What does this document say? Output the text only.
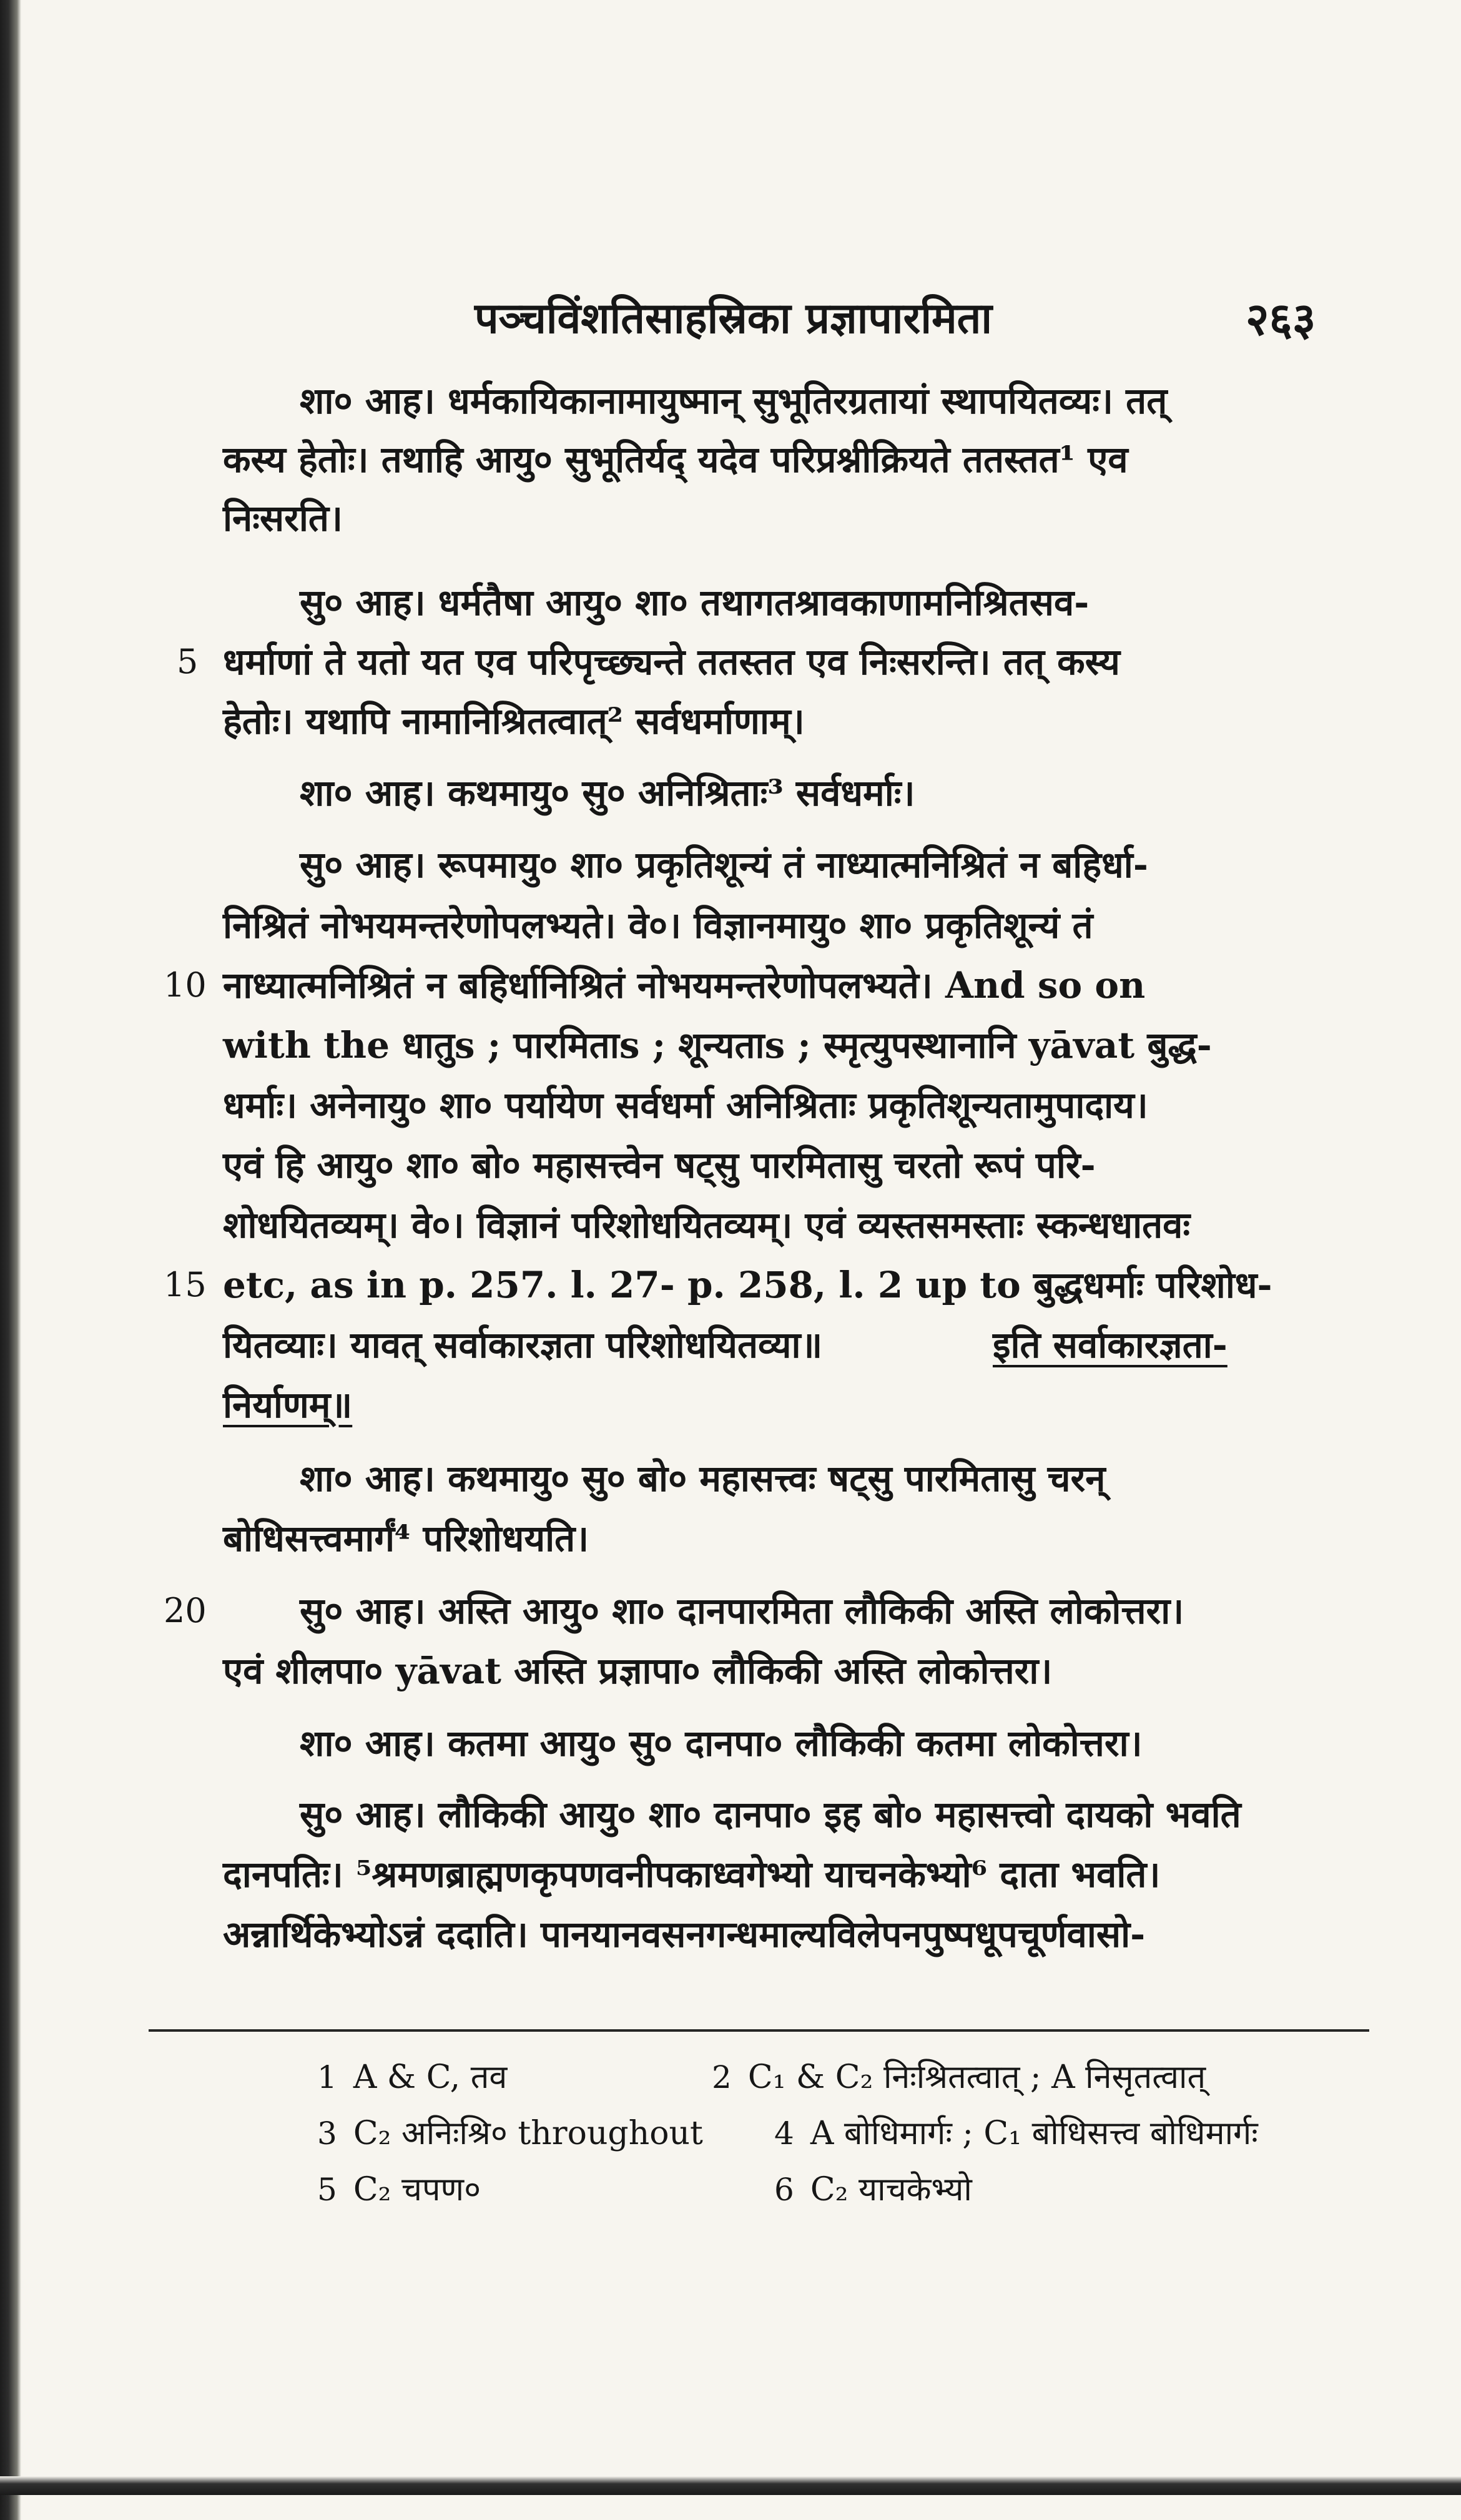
पञ्चविंशतिसाहस्रिका प्रज्ञापारमिता	२६३
शा० आह। धर्मकायिकानामायुष्मान् सुभूतिरग्रतायां स्थापयितव्यः। तत्
कस्य हेतोः। तथाहि आयु० सुभूतिर्यद् यदेव परिप्रश्नीक्रियते ततस्तत¹ एव
निःसरति।
सु० आह। धर्मतैषा आयु० शा० तथागतश्रावकाणामनिश्रितसव-
5 धर्माणां ते यतो यत एव परिपृच्छ्यन्ते ततस्तत एव निःसरन्ति। तत् कस्य
हेतोः। यथापि नामानिश्रितत्वात्² सर्वधर्माणाम्।
शा० आह। कथमायु० सु० अनिश्रिताः³ सर्वधर्माः।
सु० आह। रूपमायु० शा० प्रकृतिशून्यं तं नाध्यात्मनिश्रितं न बहिर्धा-
निश्रितं नोभयमन्तरेणोपलभ्यते। वे०। विज्ञानमायु० शा० प्रकृतिशून्यं तं
10 नाध्यात्मनिश्रितं न बहिर्धानिश्रितं नोभयमन्तरेणोपलभ्यते। And so on
with the धातुs ; पारमिताs ; शून्यताs ; स्मृत्युपस्थानानि yāvat बुद्ध-
धर्माः। अनेनायु० शा० पर्यायेण सर्वधर्मा अनिश्रिताः प्रकृतिशून्यतामुपादाय।
एवं हि आयु० शा० बो० महासत्त्वेन षट्सु पारमितासु चरतो रूपं परि-
शोधयितव्यम्। वे०। विज्ञानं परिशोधयितव्यम्। एवं व्यस्तसमस्ताः स्कन्धधातवः
15 etc, as in p. 257. l. 27- p. 258, l. 2 up to बुद्धधर्माः परिशोध-
यितव्याः। यावत् सर्वाकारज्ञता परिशोधयितव्या॥	इति सर्वाकारज्ञता-
निर्याणम्॥
शा० आह। कथमायु० सु० बो० महासत्त्वः षट्सु पारमितासु चरन्
बोधिसत्त्वमार्गं⁴ परिशोधयति।
20	सु० आह। अस्ति आयु० शा० दानपारमिता लौकिकी अस्ति लोकोत्तरा।
एवं शीलपा० yāvat अस्ति प्रज्ञापा० लौकिकी अस्ति लोकोत्तरा।
शा० आह। कतमा आयु० सु० दानपा० लौकिकी कतमा लोकोत्तरा।
सु० आह। लौकिकी आयु० शा० दानपा० इह बो० महासत्त्वो दायको भवति
दानपतिः। ⁵श्रमणब्राह्मणकृपणवनीपकाध्वगेभ्यो याचनकेभ्यो⁶ दाता भवति।
अन्नार्थिकेभ्योऽन्नं ददाति। पानयानवसनगन्धमाल्यविलेपनपुष्पधूपचूर्णवासो-
1 A & C, तव	2 C₁ & C₂ निःश्रितत्वात् ; A निसृतत्वात्
3 C₂ अनिःश्रि० throughout 4 A बोधिमार्गः ; C₁ बोधिसत्त्व बोधिमार्गः
5 C₂ चपण०	6 C₂ याचकेभ्यो
